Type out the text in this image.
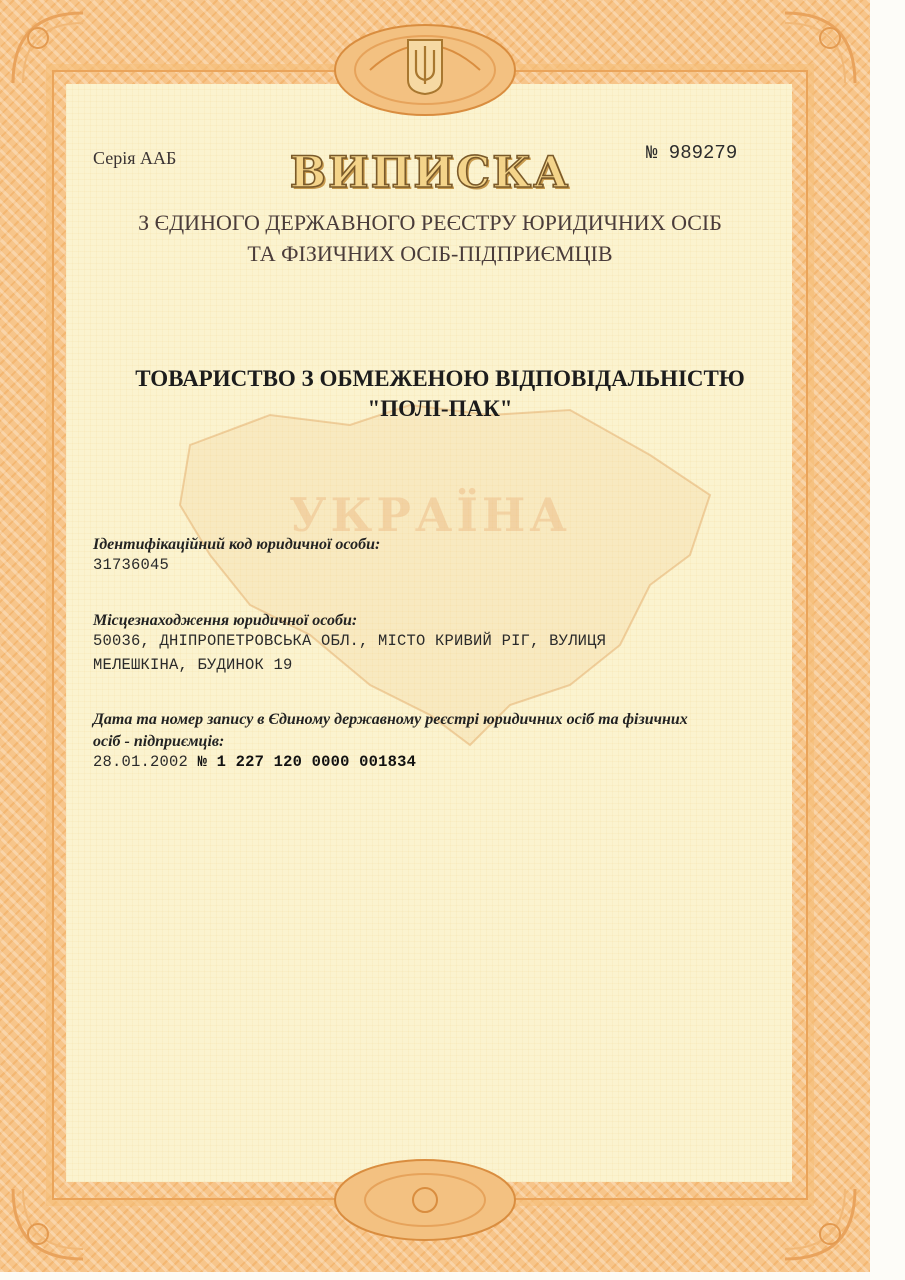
УКРАЇНА
Серія ААБ	№ 989279
ВИПИСКА
З ЄДИНОГО ДЕРЖАВНОГО РЕЄСТРУ ЮРИДИЧНИХ ОСІБ
ТА ФІЗИЧНИХ ОСІБ-ПІДПРИЄМЦІВ
ТОВАРИСТВО З ОБМЕЖЕНОЮ ВІДПОВІДАЛЬНІСТЮ
"ПОЛІ-ПАК"
Ідентифікаційний код юридичної особи:
31736045
Місцезнаходження юридичної особи:
50036, ДНІПРОПЕТРОВСЬКА ОБЛ., МІСТО КРИВИЙ РІГ, ВУЛИЦЯ
МЕЛЕШКІНА, БУДИНОК 19
Дата та номер запису в Єдиному державному реєстрі юридичних осіб та фізичних
осіб - підприємців:
28.01.2002 № 1 227 120 0000 001834
